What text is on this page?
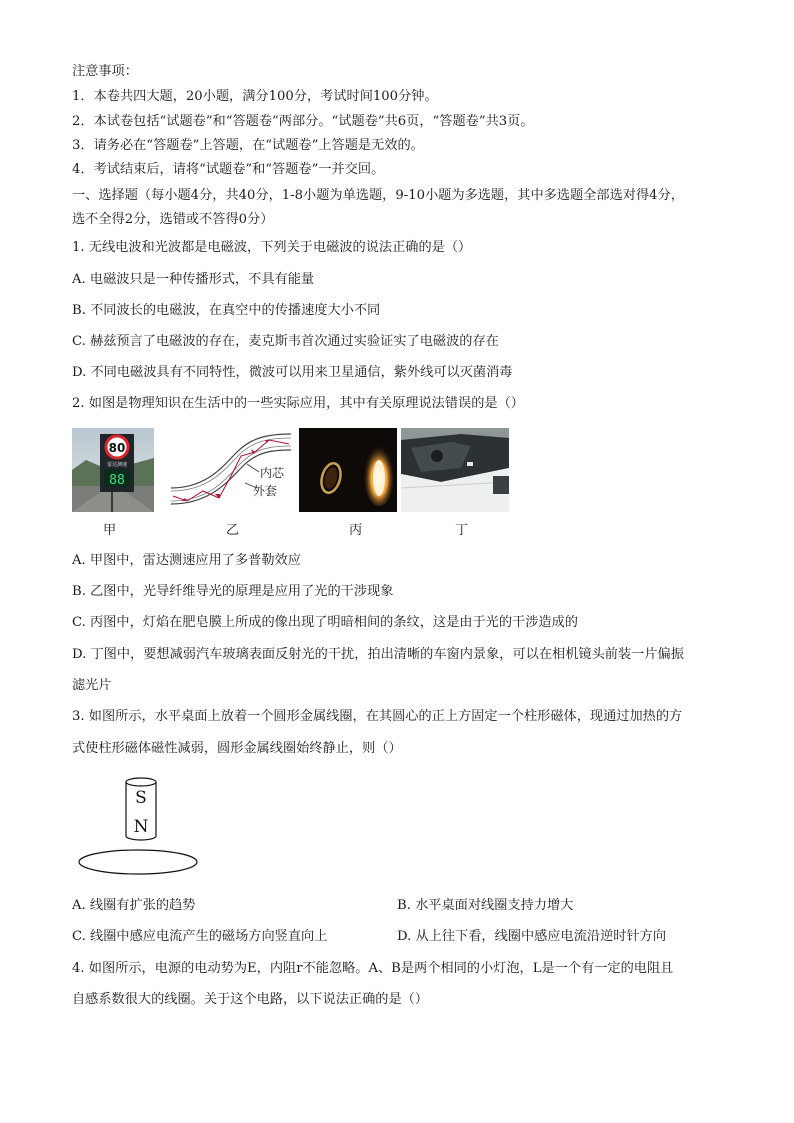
注意事项：
1．本卷共四大题，20小题，满分100分，考试时间100分钟。
2．本试卷包括“试题卷”和“答题卷”两部分。“试题卷”共6页，“答题卷”共3页。
3．请务必在“答题卷”上答题，在“试题卷”上答题是无效的。
4．考试结束后，请将“试题卷”和“答题卷”一并交回。
一、选择题（每小题4分，共40分，1-8小题为单选题，9-10小题为多选题，其中多选题全部选对得4分，
选不全得2分，选错或不答得0分）
1. 无线电波和光波都是电磁波，下列关于电磁波的说法正确的是（）
A. 电磁波只是一种传播形式，不具有能量
B. 不同波长的电磁波，在真空中的传播速度大小不同
C. 赫兹预言了电磁波的存在，麦克斯韦首次通过实验证实了电磁波的存在
D. 不同电磁波具有不同特性，微波可以用来卫星通信，紫外线可以灭菌消毒
2. 如图是物理知识在生活中的一些实际应用，其中有关原理说法错误的是（）
80
雷达测速
88	内芯
外套
甲	乙	丙	丁
A. 甲图中，雷达测速应用了多普勒效应
B. 乙图中，光导纤维导光的原理是应用了光的干涉现象
C. 丙图中，灯焰在肥皂膜上所成的像出现了明暗相间的条纹，这是由于光的干涉造成的
D. 丁图中，要想减弱汽车玻璃表面反射光的干扰，拍出清晰的车窗内景象，可以在相机镜头前装一片偏振
滤光片
3. 如图所示，水平桌面上放着一个圆形金属线圈，在其圆心的正上方固定一个柱形磁体，现通过加热的方
式使柱形磁体磁性减弱，圆形金属线圈始终静止，则（）
S
N
A. 线圈有扩张的趋势	B. 水平桌面对线圈支持力增大
C. 线圈中感应电流产生的磁场方向竖直向上	D. 从上往下看，线圈中感应电流沿逆时针方向
4. 如图所示，电源的电动势为E，内阻r不能忽略。A、B是两个相同的小灯泡，L是一个有一定的电阻且
自感系数很大的线圈。关于这个电路，以下说法正确的是（）
